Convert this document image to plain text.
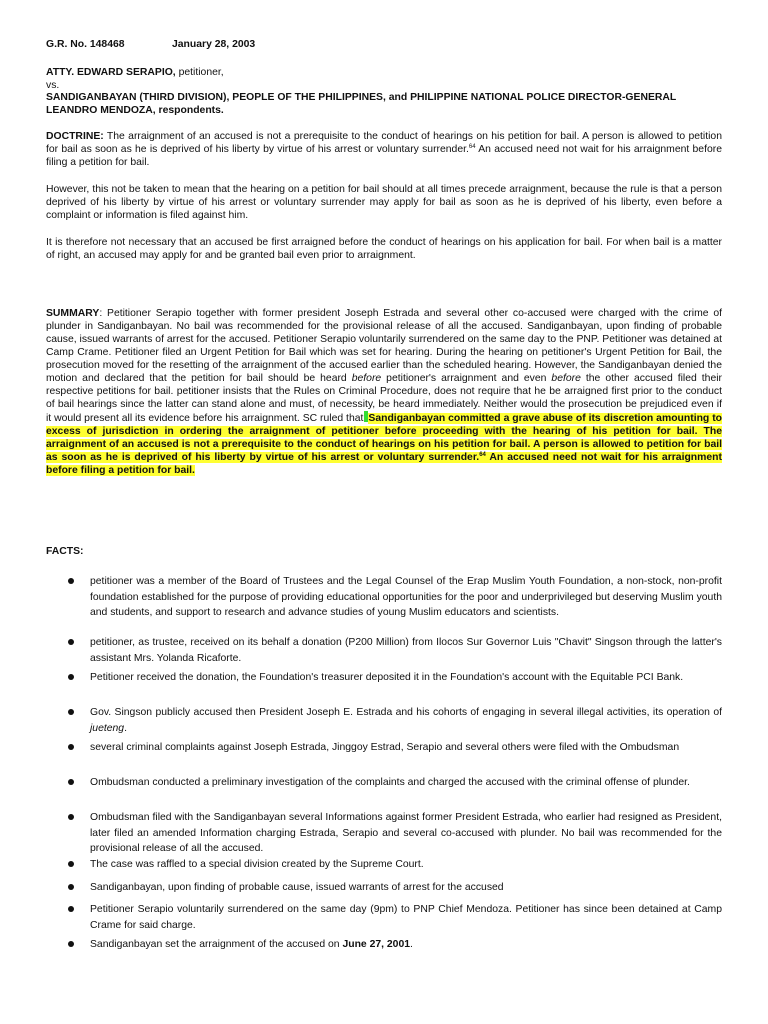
G.R. No. 148468	January 28, 2003
ATTY. EDWARD SERAPIO, petitioner,
vs.
SANDIGANBAYAN (THIRD DIVISION), PEOPLE OF THE PHILIPPINES, and PHILIPPINE NATIONAL POLICE DIRECTOR-GENERAL LEANDRO MENDOZA, respondents.

DOCTRINE: The arraignment of an accused is not a prerequisite to the conduct of hearings on his petition for bail. A person is allowed to petition for bail as soon as he is deprived of his liberty by virtue of his arrest or voluntary surrender.$^{64}$ An accused need not wait for his arraignment before filing a petition for bail.

However, this not be taken to mean that the hearing on a petition for bail should at all times precede arraignment, because the rule is that a person deprived of his liberty by virtue of his arrest or voluntary surrender may apply for bail as soon as he is deprived of his liberty, even before a complaint or information is filed against him.

It is therefore not necessary that an accused be first arraigned before the conduct of hearings on his application for bail. For when bail is a matter of right, an accused may apply for and be granted bail even prior to arraignment.

SUMMARY: Petitioner Serapio together with former president Joseph Estrada and several other co-accused were charged with the crime of plunder in Sandiganbayan. No bail was recommended for the provisional release of all the accused. Sandiganbayan, upon finding of probable cause, issued warrants of arrest for the accused. Petitioner Serapio voluntarily surrendered on the same day to the PNP. Petitioner was detained at Camp Crame. Petitioner filed an Urgent Petition for Bail which was set for hearing. During the hearing on petitioner's Urgent Petition for Bail, the prosecution moved for the resetting of the arraignment of the accused earlier than the scheduled hearing. However, the Sandiganbayan denied the motion and declared that the petition for bail should be heard before petitioner's arraignment and even before the other accused filed their respective petitions for bail. petitioner insists that the Rules on Criminal Procedure, does not require that he be arraigned first prior to the conduct of bail hearings since the latter can stand alone and must, of necessity, be heard immediately. Neither would the prosecution be prejudiced even if it would present all its evidence before his arraignment. SC ruled that Sandiganbayan committed a grave abuse of its discretion amounting to excess of jurisdiction in ordering the arraignment of petitioner before proceeding with the hearing of his petition for bail. The arraignment of an accused is not a prerequisite to the conduct of hearings on his petition for bail. A person is allowed to petition for bail as soon as he is deprived of his liberty by virtue of his arrest or voluntary surrender.$^{64}$ An accused need not wait for his arraignment before filing a petition for bail.

FACTS:
petitioner was a member of the Board of Trustees and the Legal Counsel of the Erap Muslim Youth Foundation, a non-stock, non-profit foundation established for the purpose of providing educational opportunities for the poor and underprivileged but deserving Muslim youth and students, and support to research and advance studies of young Muslim educators and scientists.
petitioner, as trustee, received on its behalf a donation (P200 Million) from Ilocos Sur Governor Luis "Chavit" Singson through the latter's assistant Mrs. Yolanda Ricaforte.
Petitioner received the donation, the Foundation's treasurer deposited it in the Foundation's account with the Equitable PCI Bank.
Gov. Singson publicly accused then President Joseph E. Estrada and his cohorts of engaging in several illegal activities, its operation of jueteng.
several criminal complaints against Joseph Estrada, Jinggoy Estrad, Serapio and several others were filed with the Ombudsman
Ombudsman conducted a preliminary investigation of the complaints and charged the accused with the criminal offense of plunder.
Ombudsman filed with the Sandiganbayan several Informations against former President Estrada, who earlier had resigned as President, later filed an amended Information charging Estrada, Serapio and several co-accused with plunder. No bail was recommended for the provisional release of all the accused.
The case was raffled to a special division created by the Supreme Court.
Sandiganbayan, upon finding of probable cause, issued warrants of arrest for the accused
Petitioner Serapio voluntarily surrendered on the same day (9pm) to PNP Chief Mendoza. Petitioner has since been detained at Camp Crame for said charge.
Sandiganbayan set the arraignment of the accused on June 27, 2001.
